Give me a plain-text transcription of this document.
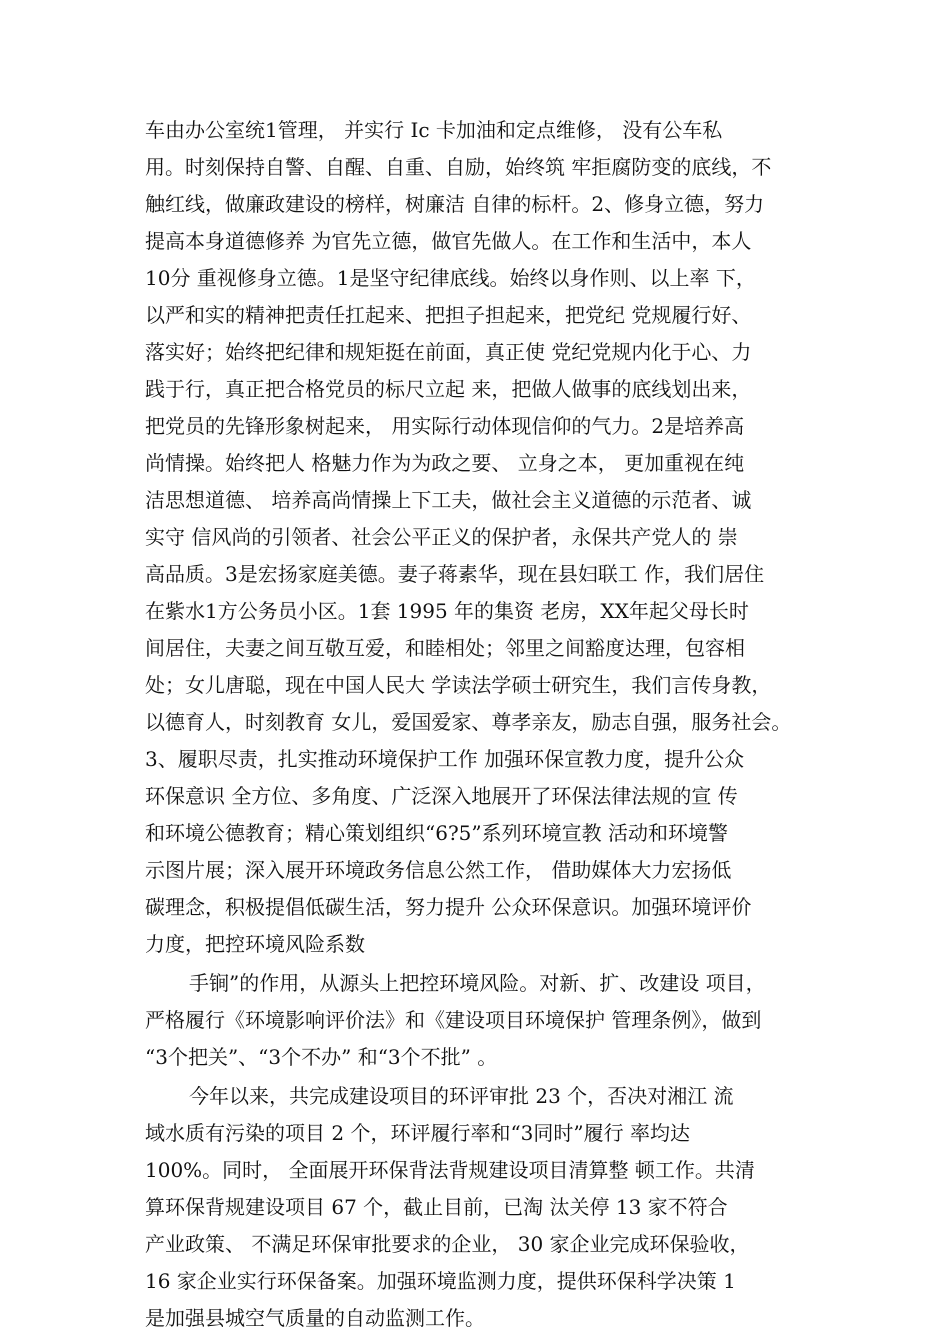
车由办公室统1管理， 并实行 Ic 卡加油和定点维修， 没有公车私
用。时刻保持自警、自醒、自重、自励，始终筑 牢拒腐防变的底线，不
触红线，做廉政建设的榜样，树廉洁 自律的标杆。2、修身立德，努力
提高本身道德修养 为官先立德，做官先做人。在工作和生活中，本人
10分 重视修身立德。1是坚守纪律底线。始终以身作则、以上率 下，
以严和实的精神把责任扛起来、把担子担起来，把党纪 党规履行好、
落实好；始终把纪律和规矩挺在前面，真正使 党纪党规内化于心、力
践于行，真正把合格党员的标尺立起 来，把做人做事的底线划出来，
把党员的先锋形象树起来， 用实际行动体现信仰的气力。2是培养高
尚情操。始终把人 格魅力作为为政之要、 立身之本， 更加重视在纯
洁思想道德、 培养高尚情操上下工夫，做社会主义道德的示范者、诚
实守 信风尚的引领者、社会公平正义的保护者，永保共产党人的 崇
高品质。3是宏扬家庭美德。妻子蒋素华，现在县妇联工 作，我们居住
在紫水1方公务员小区。1套 1995 年的集资 老房，XX年起父母长时
间居住，夫妻之间互敬互爱，和睦相处；邻里之间豁度达理，包容相
处；女儿唐聪，现在中国人民大 学读法学硕士研究生，我们言传身教，
以德育人，时刻教育 女儿，爱国爱家、尊孝亲友，励志自强，服务社会。
3、履职尽责，扎实推动环境保护工作 加强环保宣教力度，提升公众
环保意识 全方位、多角度、广泛深入地展开了环保法律法规的宣 传
和环境公德教育；精心策划组织“6?5”系列环境宣教 活动和环境警
示图片展；深入展开环境政务信息公然工作， 借助媒体大力宏扬低
碳理念，积极提倡低碳生活，努力提升 公众环保意识。加强环境评价
力度，把控环境风险系数
手锏”的作用，从源头上把控环境风险。对新、扩、改建设 项目，
严格履行《环境影响评价法》和《建设项目环境保护 管理条例》，做到
“3个把关”、“3个不办” 和“3个不批” 。
今年以来，共完成建设项目的环评审批 23 个，否决对湘江 流
域水质有污染的项目 2 个，环评履行率和“3同时”履行 率均达
100%。同时， 全面展开环保背法背规建设项目清算整 顿工作。共清
算环保背规建设项目 67 个，截止目前，已淘 汰关停 13 家不符合
产业政策、 不满足环保审批要求的企业， 30 家企业完成环保验收，
16 家企业实行环保备案。加强环境监测力度，提供环保科学决策 1
是加强县城空气质量的自动监测工作。
